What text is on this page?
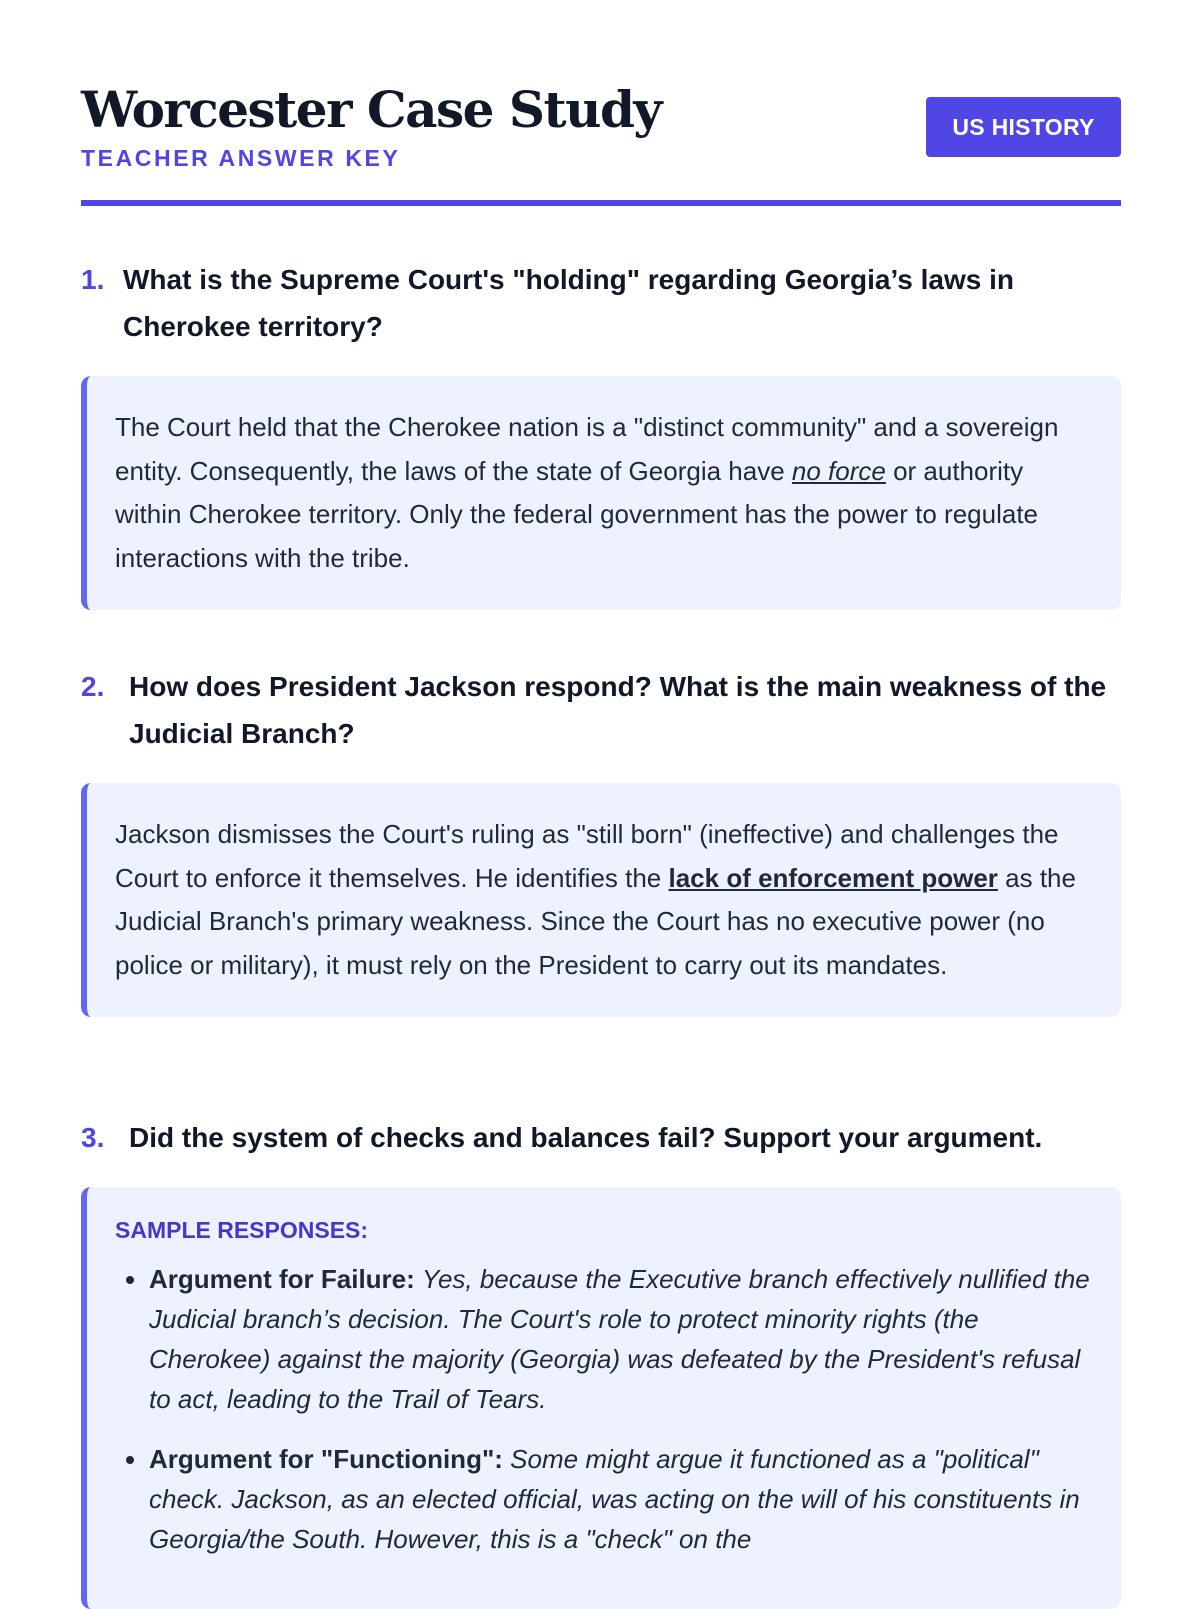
Worcester Case Study
TEACHER ANSWER KEY
US HISTORY
1. What is the Supreme Court's "holding" regarding Georgia’s laws in Cherokee territory?

The Court held that the Cherokee nation is a "distinct community" and a sovereign entity. Consequently, the laws of the state of Georgia have no force or authority within Cherokee territory. Only the federal government has the power to regulate interactions with the tribe.

2. How does President Jackson respond? What is the main weakness of the Judicial Branch?

Jackson dismisses the Court's ruling as "still born" (ineffective) and challenges the Court to enforce it themselves. He identifies the lack of enforcement power as the Judicial Branch's primary weakness. Since the Court has no executive power (no police or military), it must rely on the President to carry out its mandates.

3. Did the system of checks and balances fail? Support your argument.
SAMPLE RESPONSES:
• Argument for Failure: Yes, because the Executive branch effectively nullified the Judicial branch’s decision. The Court's role to protect minority rights (the Cherokee) against the majority (Georgia) was defeated by the President's refusal to act, leading to the Trail of Tears.
• Argument for "Functioning": Some might argue it functioned as a "political" check. Jackson, as an elected official, was acting on the will of his constituents in Georgia/the South. However, this is a "check" on the
